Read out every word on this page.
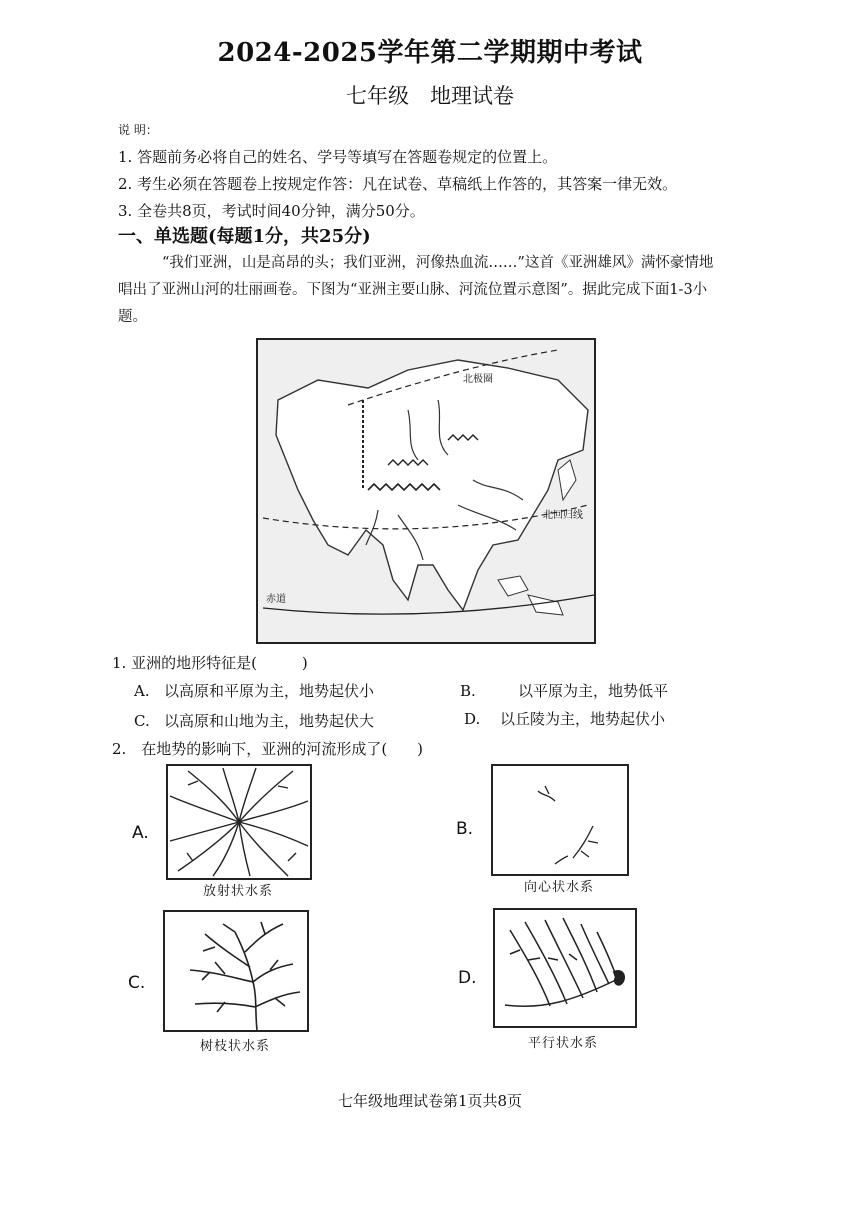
2024-2025学年第二学期期中考试
七年级　地理试卷
说 明：
1. 答题前务必将自己的姓名、学号等填写在答题卷规定的位置上。
2. 考生必须在答题卷上按规定作答：凡在试卷、草稿纸上作答的，其答案一律无效。
3. 全卷共8页，考试时间40分钟，满分50分。
一、单选题(每题1分，共25分)
“我们亚洲，山是高昂的头；我们亚洲，河像热血流……”这首《亚洲雄风》满怀豪情地唱出了亚洲山河的壮丽画卷。下图为“亚洲主要山脉、河流位置示意图”。据此完成下面1-3小题。
北极圈
北回归线
赤道
1. 亚洲的地形特征是(　　　)
A. 以高原和平原为主，地势起伏小	B.	以平原为主，地势低平
C. 以高原和山地为主，地势起伏大	D. 以丘陵为主，地势起伏小
2.　在地势的影响下，亚洲的河流形成了(　　)
A.
放射状水系
B.
向心状水系
C.
树枝状水系
D.
平行状水系
七年级地理试卷第1页共8页
